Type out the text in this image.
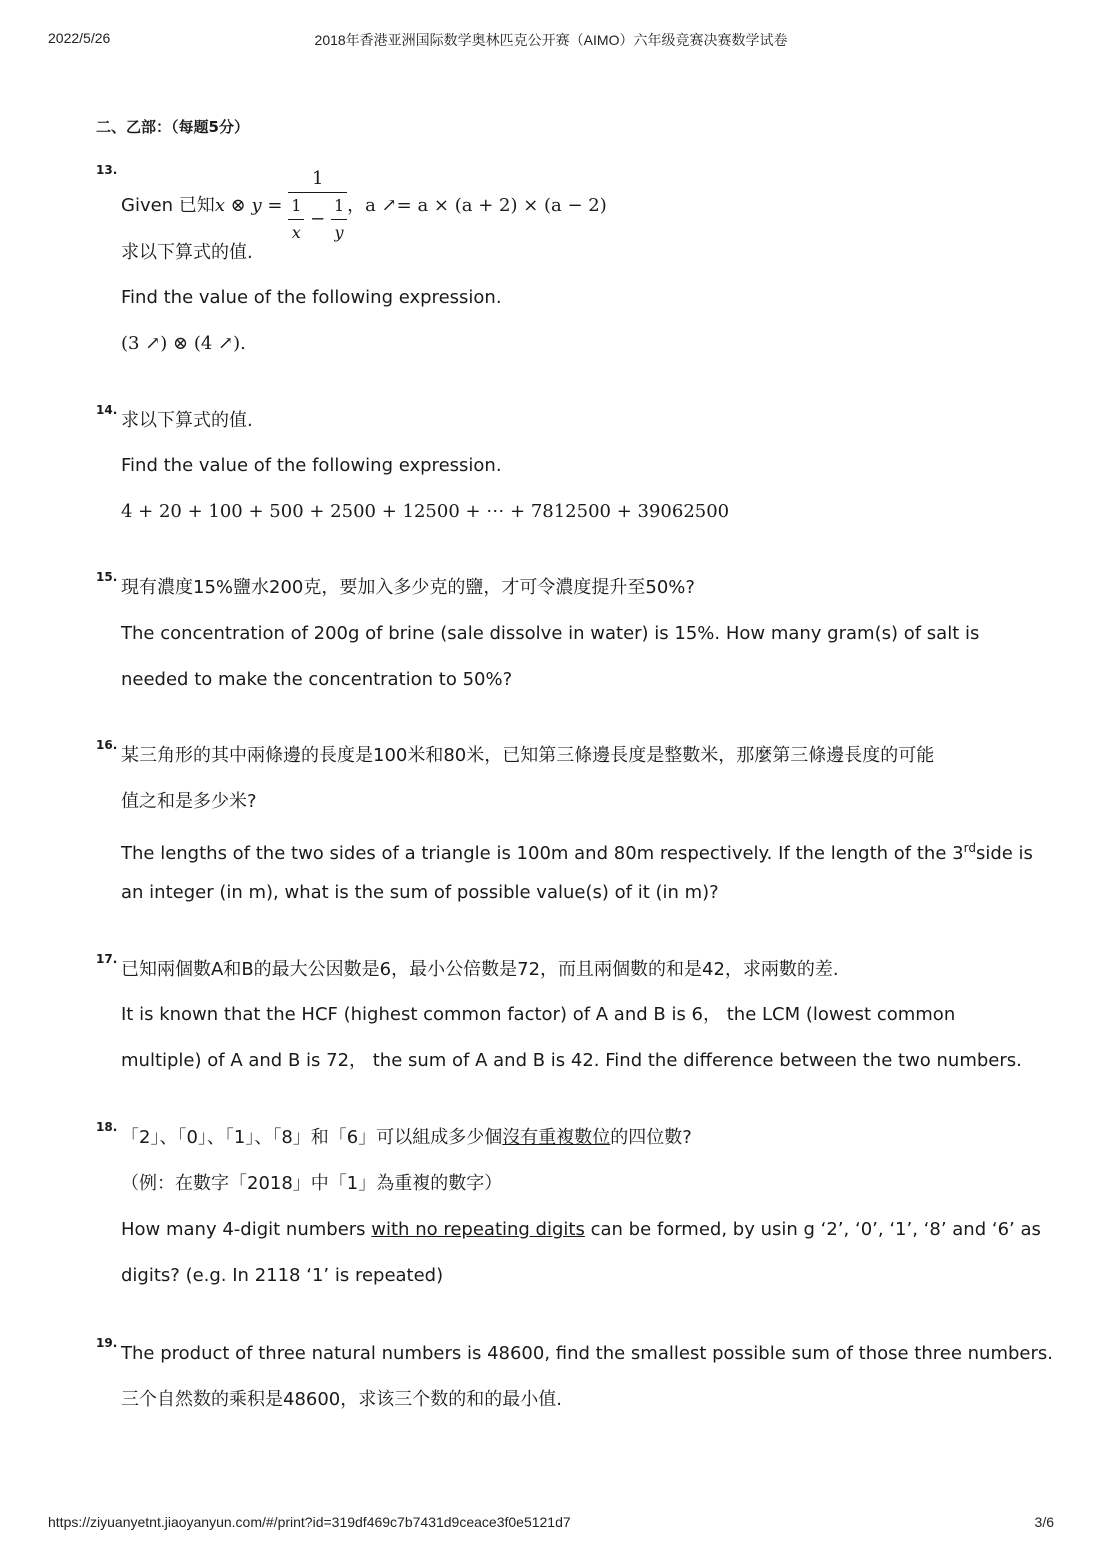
2022/5/26	2018年香港亚洲国际数学奥林匹克公开赛（AIMO）六年级竞赛决赛数学试卷
二、乙部：（每题5分）
13.
Given 已知x ⊗ $y = \frac{1}{\frac{1}{x} - \frac{1}{y}}$ ，a ↗= a × (a + 2) × (a − 2)
求以下算式的值.
Find the value of the following expression.
(3 ↗) ⊗ (4 ↗).
14. 求以下算式的值.
Find the value of the following expression.
4 + 20 + 100 + 500 + 2500 + 12500 + ⋯ + 7812500 + 39062500
15. 現有濃度15%鹽水200克，要加入多少克的鹽，才可令濃度提升至50%?
The concentration of 200g of brine (sale dissolve in water) is 15%. How many gram(s) of salt is
needed to make the concentration to 50%?
16. 某三角形的其中兩條邊的長度是100米和80米，已知第三條邊長度是整數米，那麼第三條邊長度的可能
值之和是多少米?
The lengths of the two sides of a triangle is 100m and 80m respectively. If the length of the 3rdside is
an integer (in m), what is the sum of possible value(s) of it (in m)?
17. 已知兩個數A和B的最大公因數是6，最小公倍數是72，而且兩個數的和是42，求兩數的差.
It is known that the HCF (highest common factor) of A and B is 6， the LCM (lowest common
multiple) of A and B is 72， the sum of A and B is 42. Find the difference between the two numbers.
18. 「2」、「0」、「1」、「8」和「6」可以組成多少個沒有重複數位的四位數?
（例：在數字「2018」中「1」為重複的數字）
How many 4-digit numbers with no repeating digits can be formed, by usin g ‘2’, ‘0’, ‘1’, ‘8’ and ‘6’ as
digits? (e.g. In 2118 ‘1’ is repeated)
19. The product of three natural numbers is 48600, find the smallest possible sum of those three numbers.
三个自然数的乘积是48600，求该三个数的和的最小值.
https://ziyuanyetnt.jiaoyanyun.com/#/print?id=319df469c7b7431d9ceace3f0e5121d7	3/6
